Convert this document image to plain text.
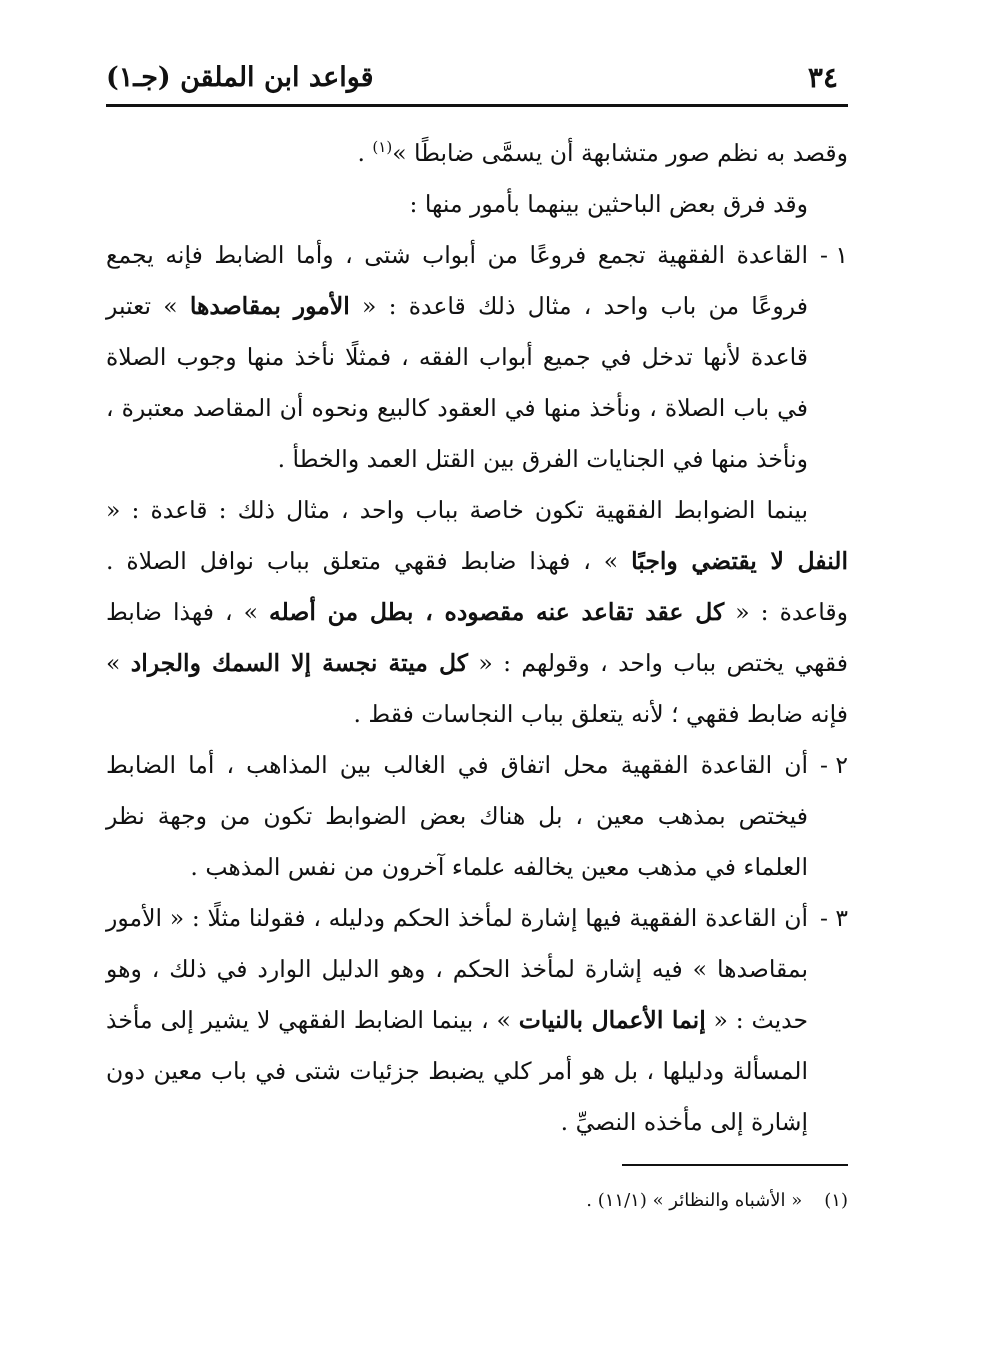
٣٤
قواعد ابن الملقن (جـ١)

وقصد به نظم صور متشابهة أن يسمَّى ضابطًا »$^{(١)}$ .

وقد فرق بعض الباحثين بينهما بأمور منها :

١ -القاعدة الفقهية تجمع فروعًا من أبواب شتى ، وأما الضابط فإنه يجمع فروعًا من باب واحد ، مثال ذلك قاعدة : « الأمور بمقاصدها » تعتبر قاعدة لأنها تدخل في جميع أبواب الفقه ، فمثلًا نأخذ منها وجوب الصلاة في باب الصلاة ، ونأخذ منها في العقود كالبيع ونحوه أن المقاصد معتبرة ، ونأخذ منها في الجنايات الفرق بين القتل العمد والخطأ .

بينما الضوابط الفقهية تكون خاصة بباب واحد ، مثال ذلك : قاعدة : « النفل لا يقتضي واجبًا » ، فهذا ضابط فقهي متعلق بباب نوافل الصلاة . وقاعدة : « كل عقد تقاعد عنه مقصوده ، بطل من أصله » ، فهذا ضابط فقهي يختص بباب واحد ، وقولهم : « كل ميتة نجسة إلا السمك والجراد » فإنه ضابط فقهي ؛ لأنه يتعلق بباب النجاسات فقط .

٢ -أن القاعدة الفقهية محل اتفاق في الغالب بين المذاهب ، أما الضابط فيختص بمذهب معين ، بل هناك بعض الضوابط تكون من وجهة نظر العلماء في مذهب معين يخالفه علماء آخرون من نفس المذهب .

٣ -أن القاعدة الفقهية فيها إشارة لمأخذ الحكم ودليله ، فقولنا مثلًا : « الأمور بمقاصدها » فيه إشارة لمأخذ الحكم ، وهو الدليل الوارد في ذلك ، وهو حديث : « إنما الأعمال بالنيات » ، بينما الضابط الفقهي لا يشير إلى مأخذ المسألة ودليلها ، بل هو أمر كلي يضبط جزئيات شتى في باب معين دون إشارة إلى مأخذه النصيِّ .

(١)« الأشباه والنظائر » (١١/١) .
